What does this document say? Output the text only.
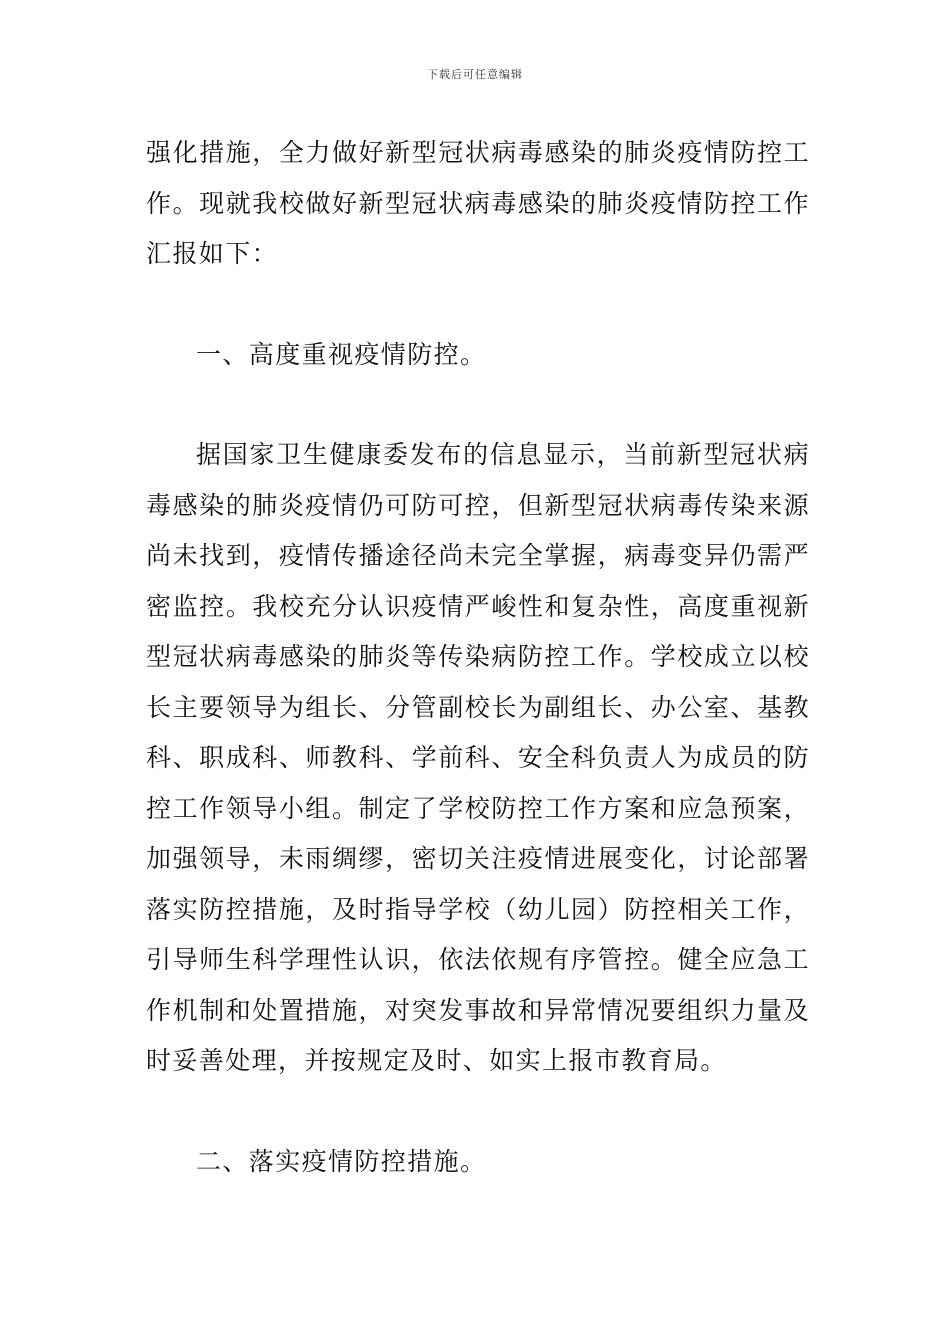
下载后可任意编辑

强化措施，全力做好新型冠状病毒感染的肺炎疫情防控工作。现就我校做好新型冠状病毒感染的肺炎疫情防控工作汇报如下：

一、高度重视疫情防控。

据国家卫生健康委发布的信息显示，当前新型冠状病毒感染的肺炎疫情仍可防可控，但新型冠状病毒传染来源尚未找到，疫情传播途径尚未完全掌握，病毒变异仍需严密监控。我校充分认识疫情严峻性和复杂性，高度重视新型冠状病毒感染的肺炎等传染病防控工作。学校成立以校长主要领导为组长、分管副校长为副组长、办公室、基教科、职成科、师教科、学前科、安全科负责人为成员的防控工作领导小组。制定了学校防控工作方案和应急预案，加强领导，未雨绸缪，密切关注疫情进展变化，讨论部署落实防控措施，及时指导学校（幼儿园）防控相关工作，引导师生科学理性认识，依法依规有序管控。健全应急工作机制和处置措施，对突发事故和异常情况要组织力量及时妥善处理，并按规定及时、如实上报市教育局。

二、落实疫情防控措施。
